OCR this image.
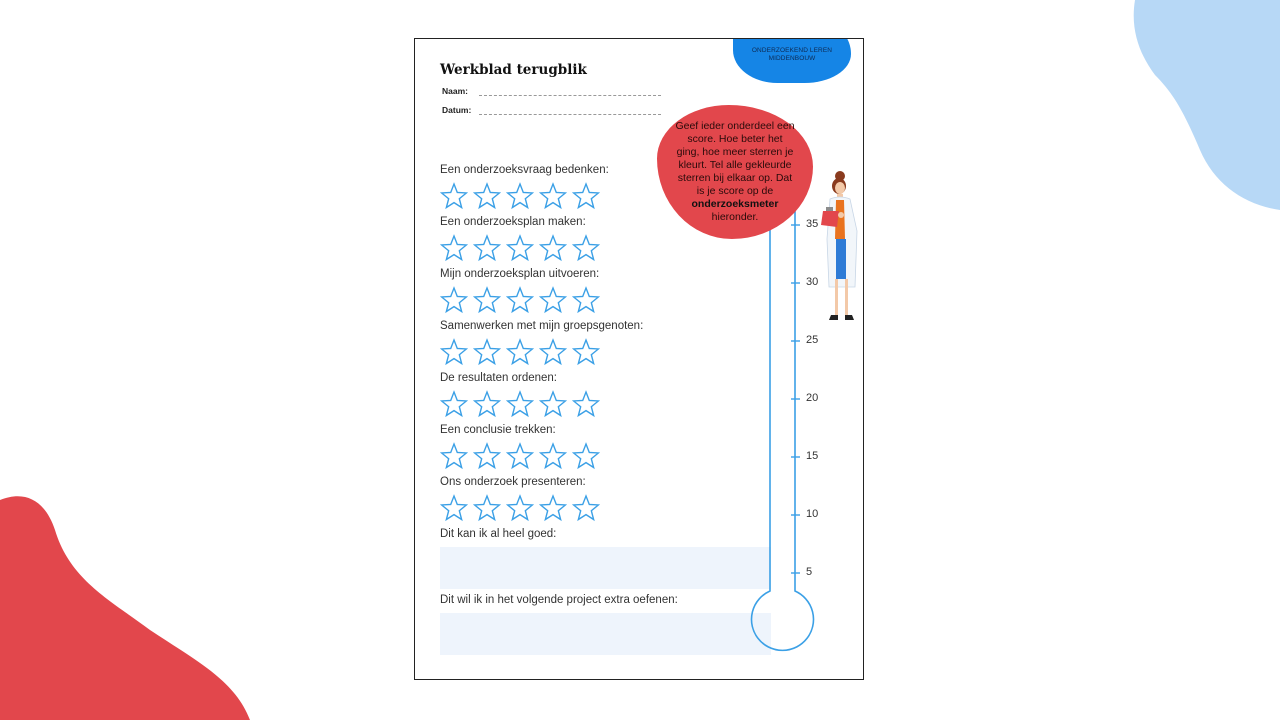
ONDERZOEKEND LEREN
MIDDENBOUW
Werkblad terugblik
Naam:
Datum:
Een onderzoeksvraag bedenken:
Een onderzoeksplan maken:
Mijn onderzoeksplan uitvoeren:
Samenwerken met mijn groepsgenoten:
De resultaten ordenen:
Een conclusie trekken:
Ons onderzoek presenteren:
Dit kan ik al heel goed:
Dit wil ik in het volgende project extra oefenen:
35
30
25
20
15
10
5
Geef ieder onderdeel een score. Hoe beter het ging, hoe meer sterren je kleurt. Tel alle gekleurde sterren bij elkaar op. Dat is je score op de onderzoeksmeter hieronder.
